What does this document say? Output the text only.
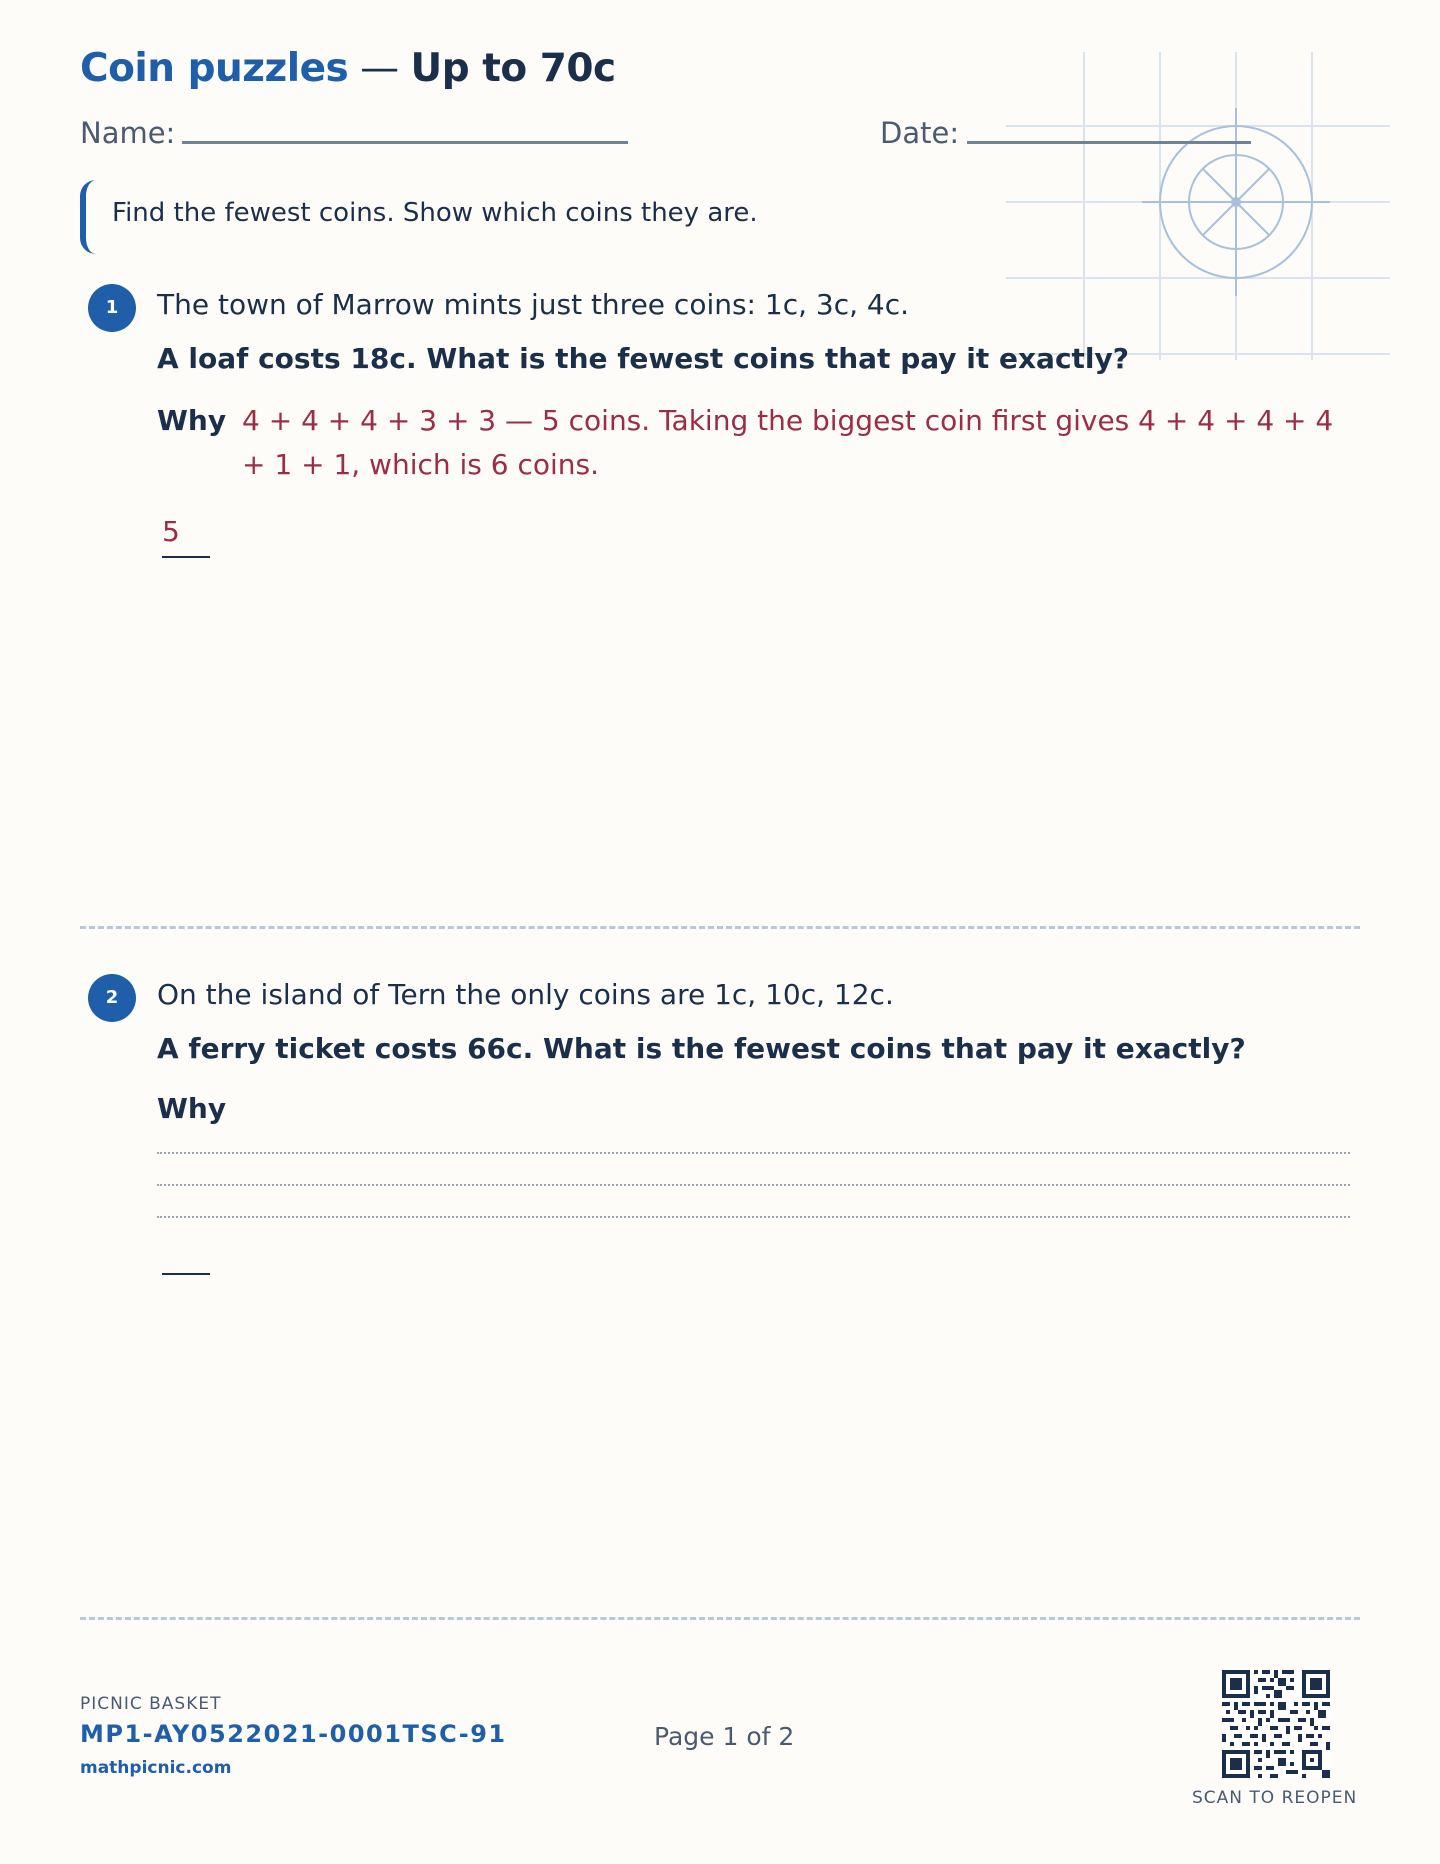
Coin puzzles — Up to 70c
Name:	Date:
Find the fewest coins. Show which coins they are.
1	The town of Marrow mints just three coins: 1c, 3c, 4c.
A loaf costs 18c. What is the fewest coins that pay it exactly?
Why 4 + 4 + 4 + 3 + 3 — 5 coins. Taking the biggest coin first gives 4 + 4 + 4 + 4 + 1 + 1, which is 6 coins.
5
2	On the island of Tern the only coins are 1c, 10c, 12c.
A ferry ticket costs 66c. What is the fewest coins that pay it exactly?
Why
PICNIC BASKET
MP1-AY0522021-0001TSC-91
mathpicnic.com
Page 1 of 2
SCAN TO REOPEN
